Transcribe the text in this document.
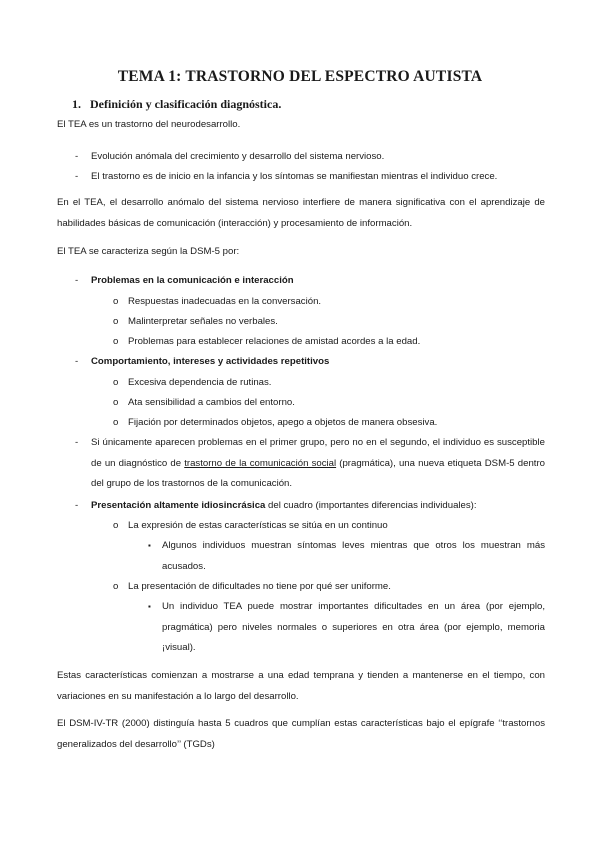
TEMA 1: TRASTORNO DEL ESPECTRO AUTISTA
1. Definición y clasificación diagnóstica.

El TEA es un trastorno del neurodesarrollo.

- Evolución anómala del crecimiento y desarrollo del sistema nervioso.

- El trastorno es de inicio en la infancia y los síntomas se manifiestan mientras el individuo crece.

En el TEA, el desarrollo anómalo del sistema nervioso interfiere de manera significativa con el aprendizaje de habilidades básicas de comunicación (interacción) y procesamiento de información.

El TEA se caracteriza según la DSM-5 por:

- Problemas en la comunicación e interacción

o Respuestas inadecuadas en la conversación.

o Malinterpretar señales no verbales.

o Problemas para establecer relaciones de amistad acordes a la edad.

- Comportamiento, intereses y actividades repetitivos

o Excesiva dependencia de rutinas.

o Ata sensibilidad a cambios del entorno.

o Fijación por determinados objetos, apego a objetos de manera obsesiva.

- Si únicamente aparecen problemas en el primer grupo, pero no en el segundo, el individuo es susceptible de un diagnóstico de trastorno de la comunicación social (pragmática), una nueva etiqueta DSM-5 dentro del grupo de los trastornos de la comunicación.

- Presentación altamente idiosincrásica del cuadro (importantes diferencias individuales):

o La expresión de estas características se sitúa en un continuo

▪ Algunos individuos muestran síntomas leves mientras que otros los muestran más acusados.

o La presentación de dificultades no tiene por qué ser uniforme.

▪ Un individuo TEA puede mostrar importantes dificultades en un área (por ejemplo, pragmática) pero niveles normales o superiores en otra área (por ejemplo, memoria ¡visual).

Estas características comienzan a mostrarse a una edad temprana y tienden a mantenerse en el tiempo, con variaciones en su manifestación a lo largo del desarrollo.

El DSM-IV-TR (2000) distinguía hasta 5 cuadros que cumplían estas características bajo el epígrafe ‘‘trastornos generalizados del desarrollo’’ (TGDs)
